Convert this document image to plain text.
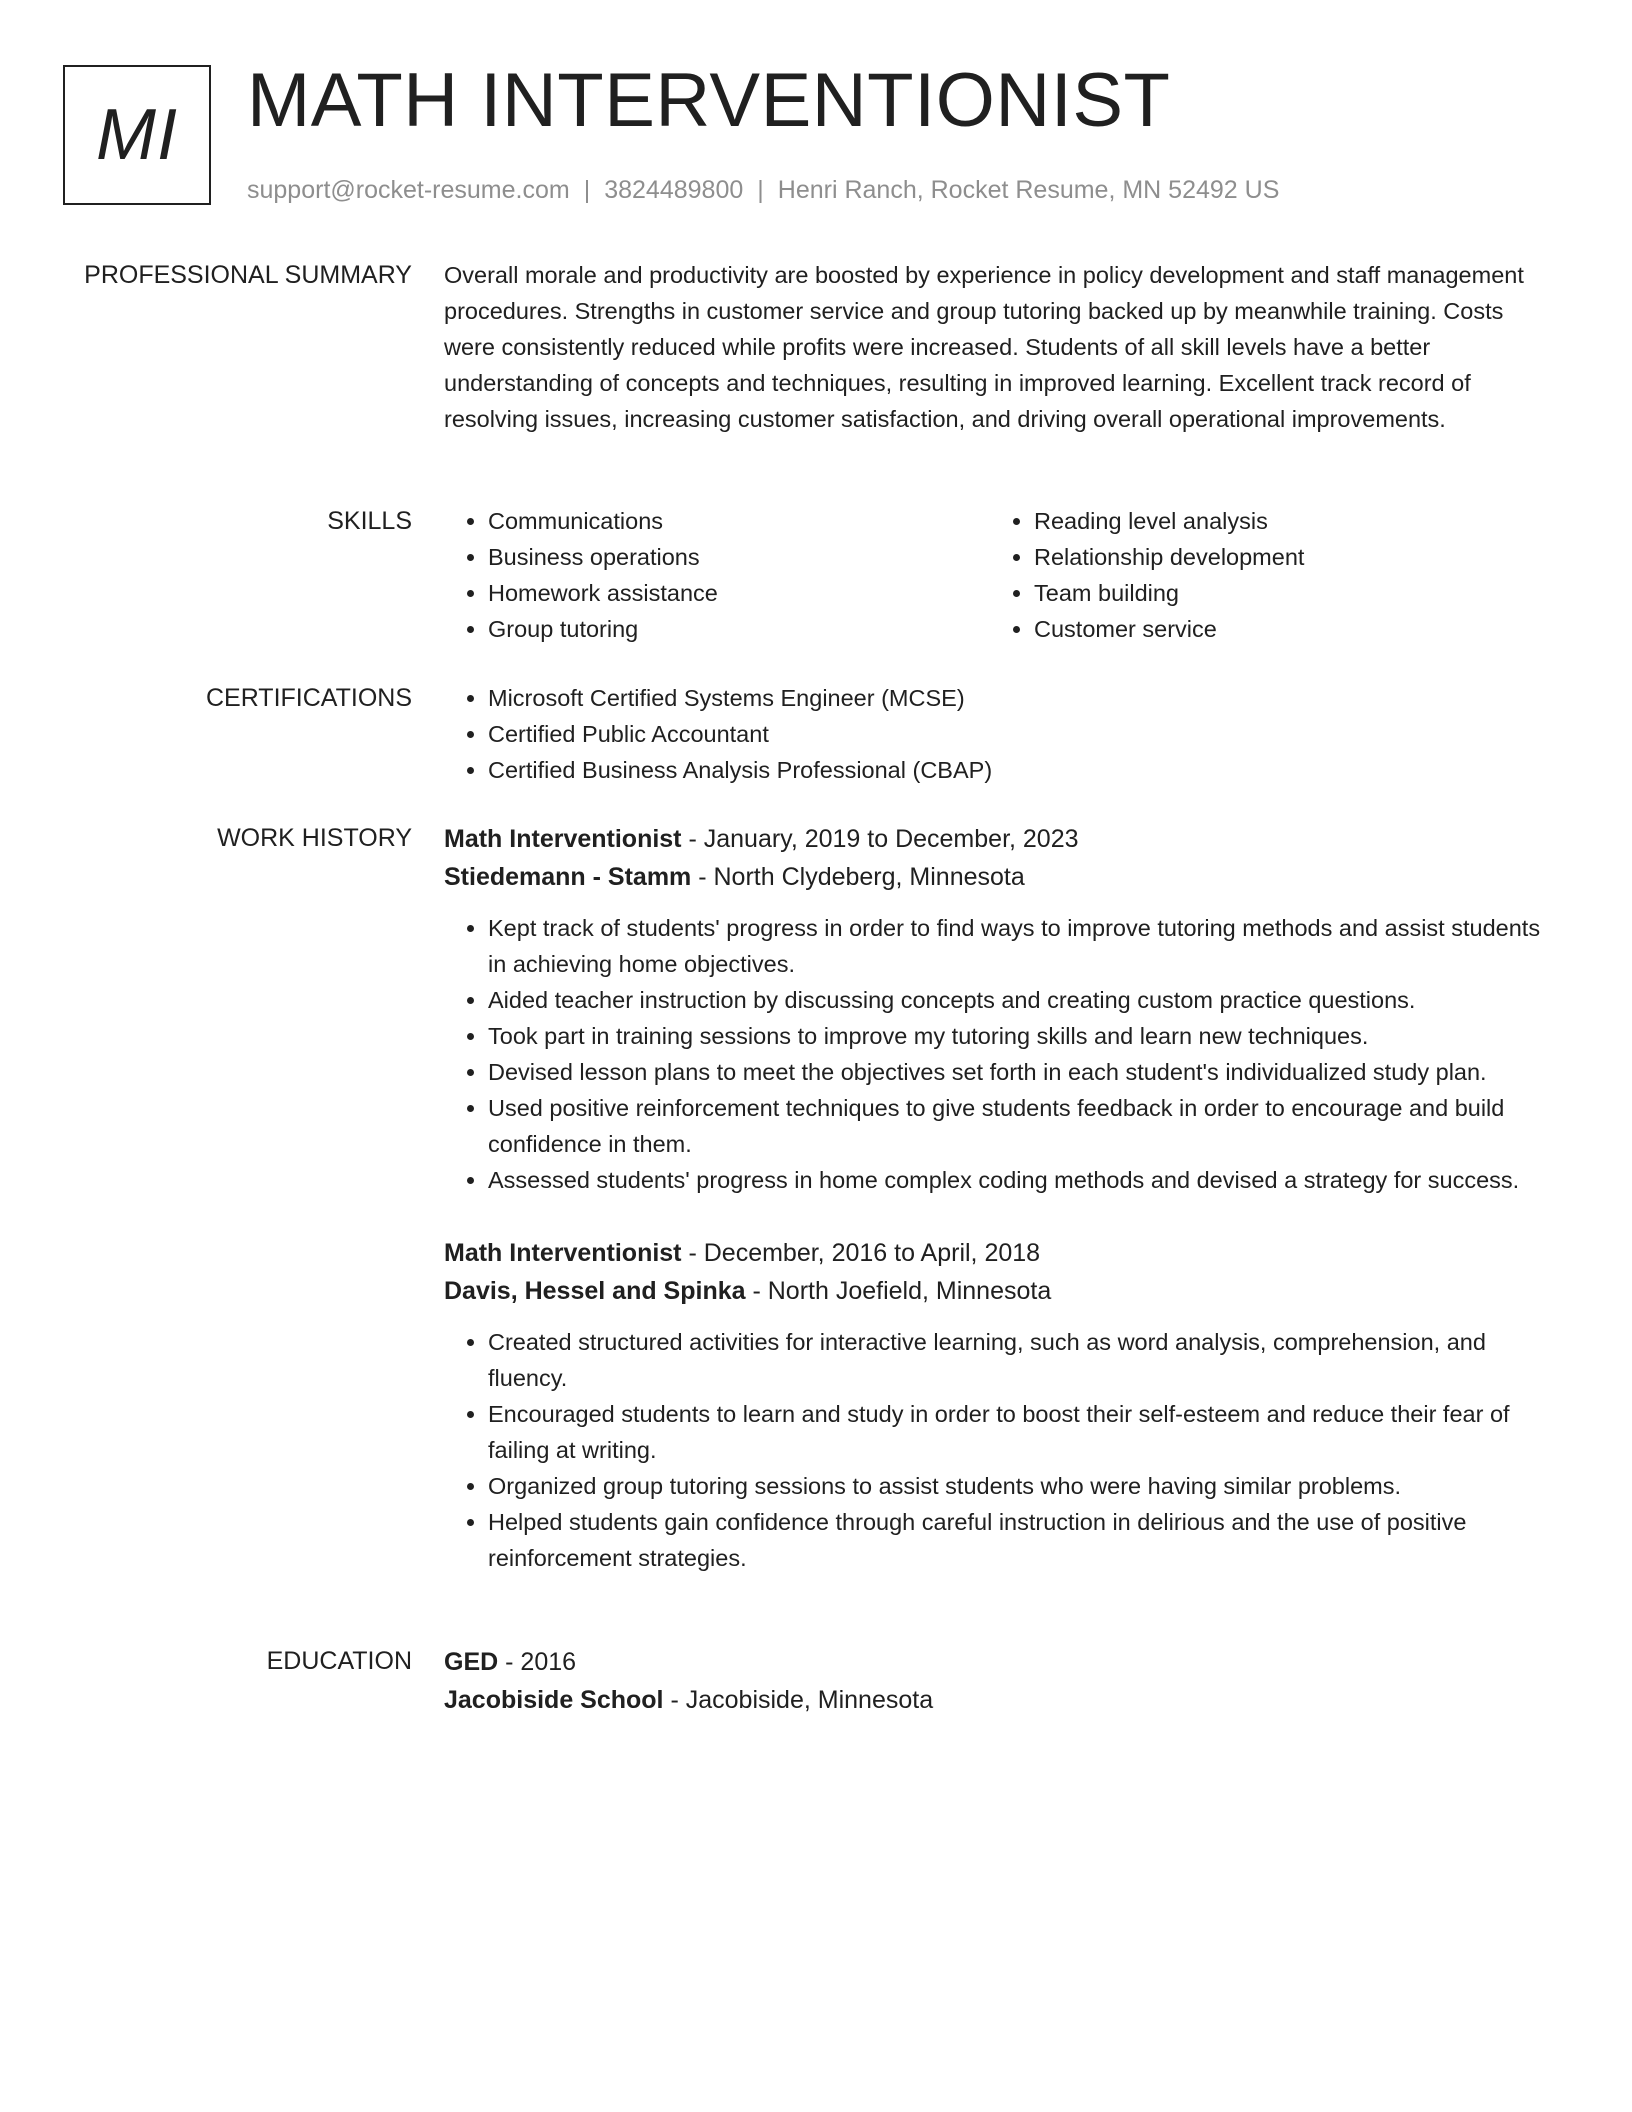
MI MATH INTERVENTIONIST
support@rocket-resume.com | 3824489800 | Henri Ranch, Rocket Resume, MN 52492 US
PROFESSIONAL SUMMARY Overall morale and productivity are boosted by experience in policy development and staff management procedures. Strengths in customer service and group tutoring backed up by meanwhile training. Costs were consistently reduced while profits were increased. Students of all skill levels have a better understanding of concepts and techniques, resulting in improved learning. Excellent track record of resolving issues, increasing customer satisfaction, and driving overall operational improvements.
SKILLS	• Communications
• Business operations
• Homework assistance
• Group tutoring
• Reading level analysis
• Relationship development
• Team building
• Customer service
CERTIFICATIONS	• Microsoft Certified Systems Engineer (MCSE)
• Certified Public Accountant
• Certified Business Analysis Professional (CBAP)
WORK HISTORY Math Interventionist - January, 2019 to December, 2023
Stiedemann - Stamm - North Clydeberg, Minnesota
• Kept track of students' progress in order to find ways to improve tutoring methods and assist students in achieving home objectives.
• Aided teacher instruction by discussing concepts and creating custom practice questions.
• Took part in training sessions to improve my tutoring skills and learn new techniques.
• Devised lesson plans to meet the objectives set forth in each student's individualized study plan.
• Used positive reinforcement techniques to give students feedback in order to encourage and build confidence in them.
• Assessed students' progress in home complex coding methods and devised a strategy for success.
Math Interventionist - December, 2016 to April, 2018
Davis, Hessel and Spinka - North Joefield, Minnesota
• Created structured activities for interactive learning, such as word analysis, comprehension, and fluency.
• Encouraged students to learn and study in order to boost their self-esteem and reduce their fear of failing at writing.
• Organized group tutoring sessions to assist students who were having similar problems.
• Helped students gain confidence through careful instruction in delirious and the use of positive reinforcement strategies.
EDUCATION GED - 2016
Jacobiside School - Jacobiside, Minnesota
